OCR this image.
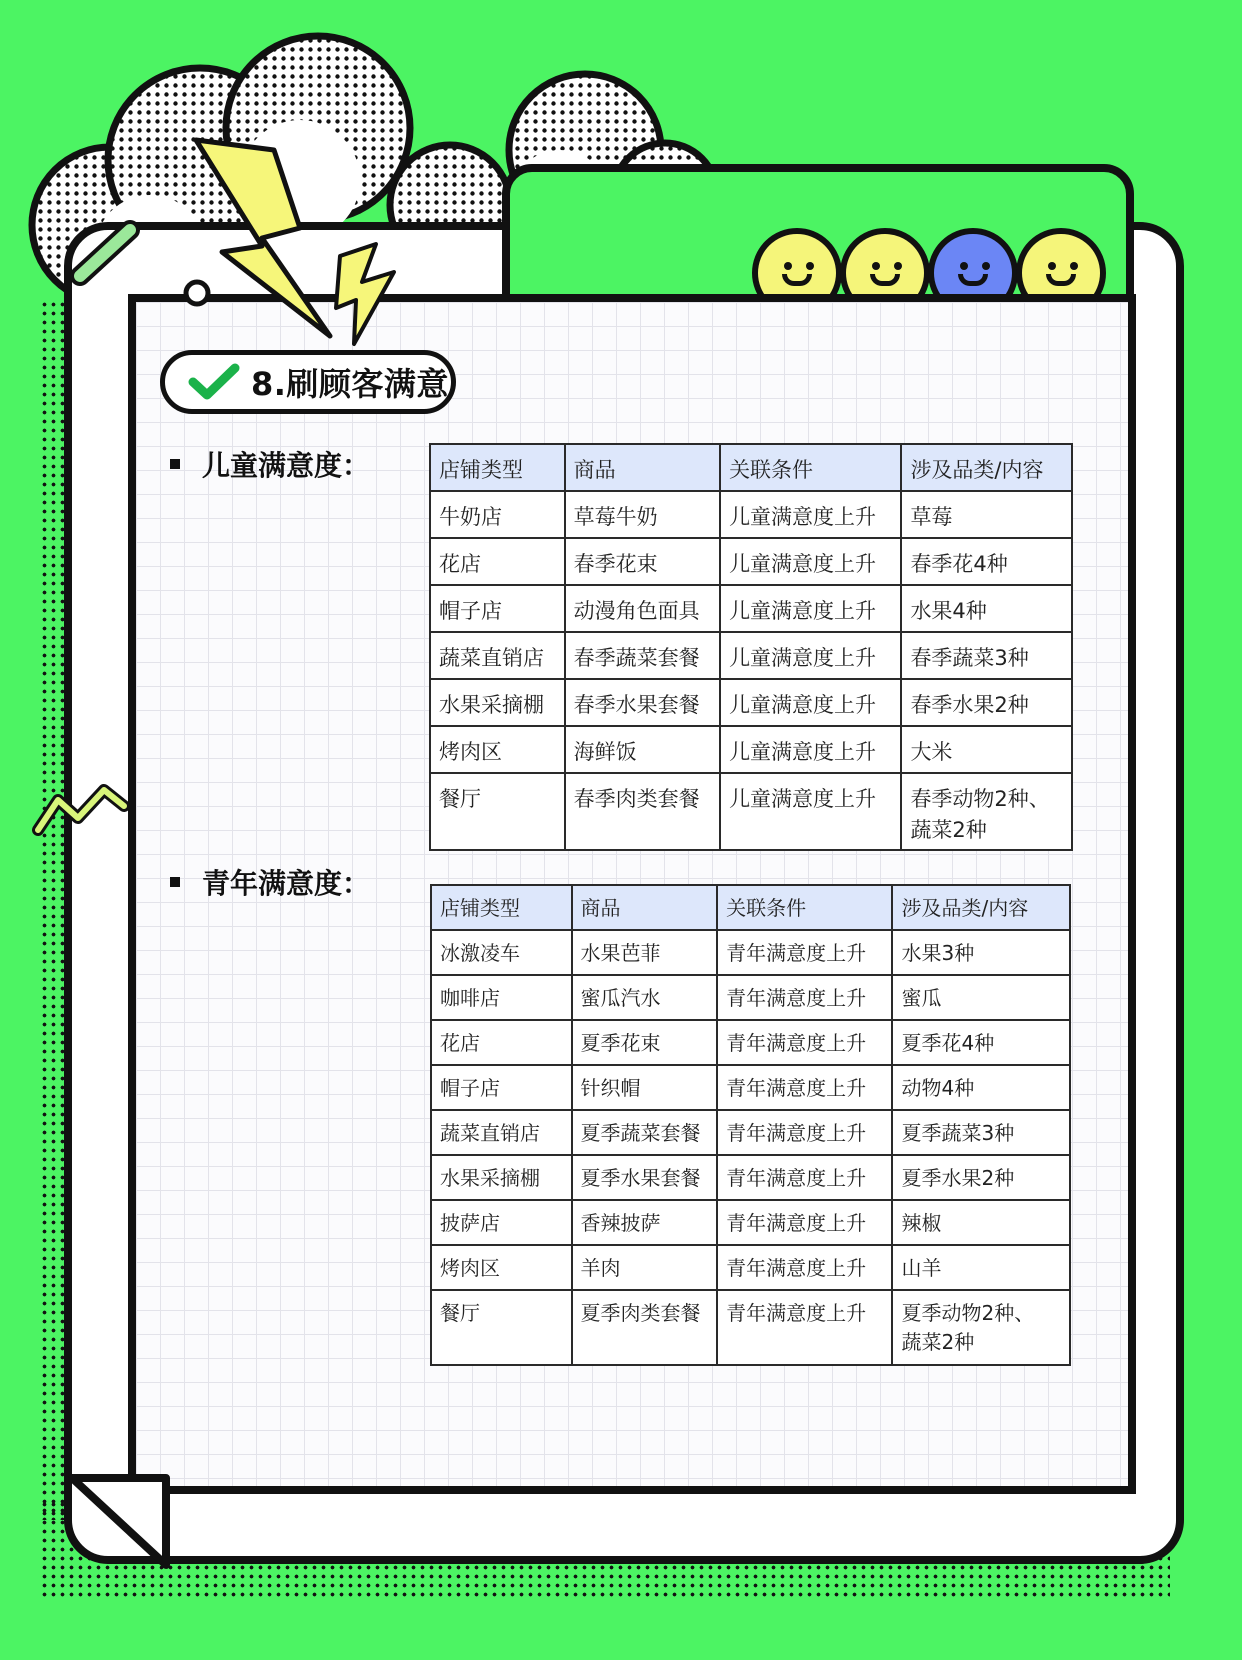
8.刷顾客满意
儿童满意度：	店铺类型	商品	关联条件	涉及品类/内容
牛奶店	草莓牛奶	儿童满意度上升	草莓
花店	春季花束	儿童满意度上升	春季花4种
帽子店	动漫角色面具	儿童满意度上升	水果4种
蔬菜直销店	春季蔬菜套餐	儿童满意度上升	春季蔬菜3种
水果采摘棚	春季水果套餐	儿童满意度上升	春季水果2种
烤肉区	海鲜饭	儿童满意度上升	大米
餐厅	春季肉类套餐	儿童满意度上升	春季动物2种、
蔬菜2种
青年满意度：
店铺类型	商品	关联条件	涉及品类/内容
冰激凌车	水果芭菲	青年满意度上升	水果3种
咖啡店	蜜瓜汽水	青年满意度上升	蜜瓜
花店	夏季花束	青年满意度上升	夏季花4种
帽子店	针织帽	青年满意度上升	动物4种
蔬菜直销店	夏季蔬菜套餐	青年满意度上升	夏季蔬菜3种
水果采摘棚	夏季水果套餐	青年满意度上升	夏季水果2种
披萨店	香辣披萨	青年满意度上升	辣椒
烤肉区	羊肉	青年满意度上升	山羊
餐厅	夏季肉类套餐	青年满意度上升	夏季动物2种、
蔬菜2种
